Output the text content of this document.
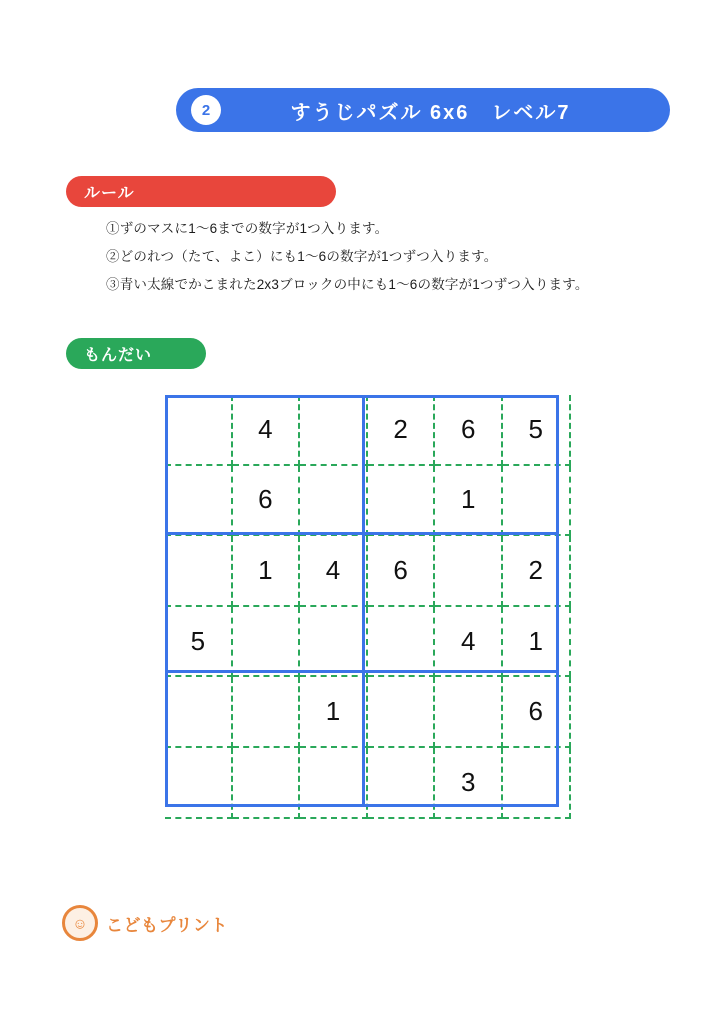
2	すうじパズル 6x6　レベル7
ルール
①ずのマスに1〜6までの数字が1つ入ります。
②どのれつ（たて、よこ）にも1〜6の数字が1つずつ入ります。
③青い太線でかこまれた2x3ブロックの中にも1〜6の数字が1つずつ入ります。
もんだい
	4		2	6	5
	6			1	
	1	4	6		2
5				4	1
		1			6
				3	
☺ こどもプリント
